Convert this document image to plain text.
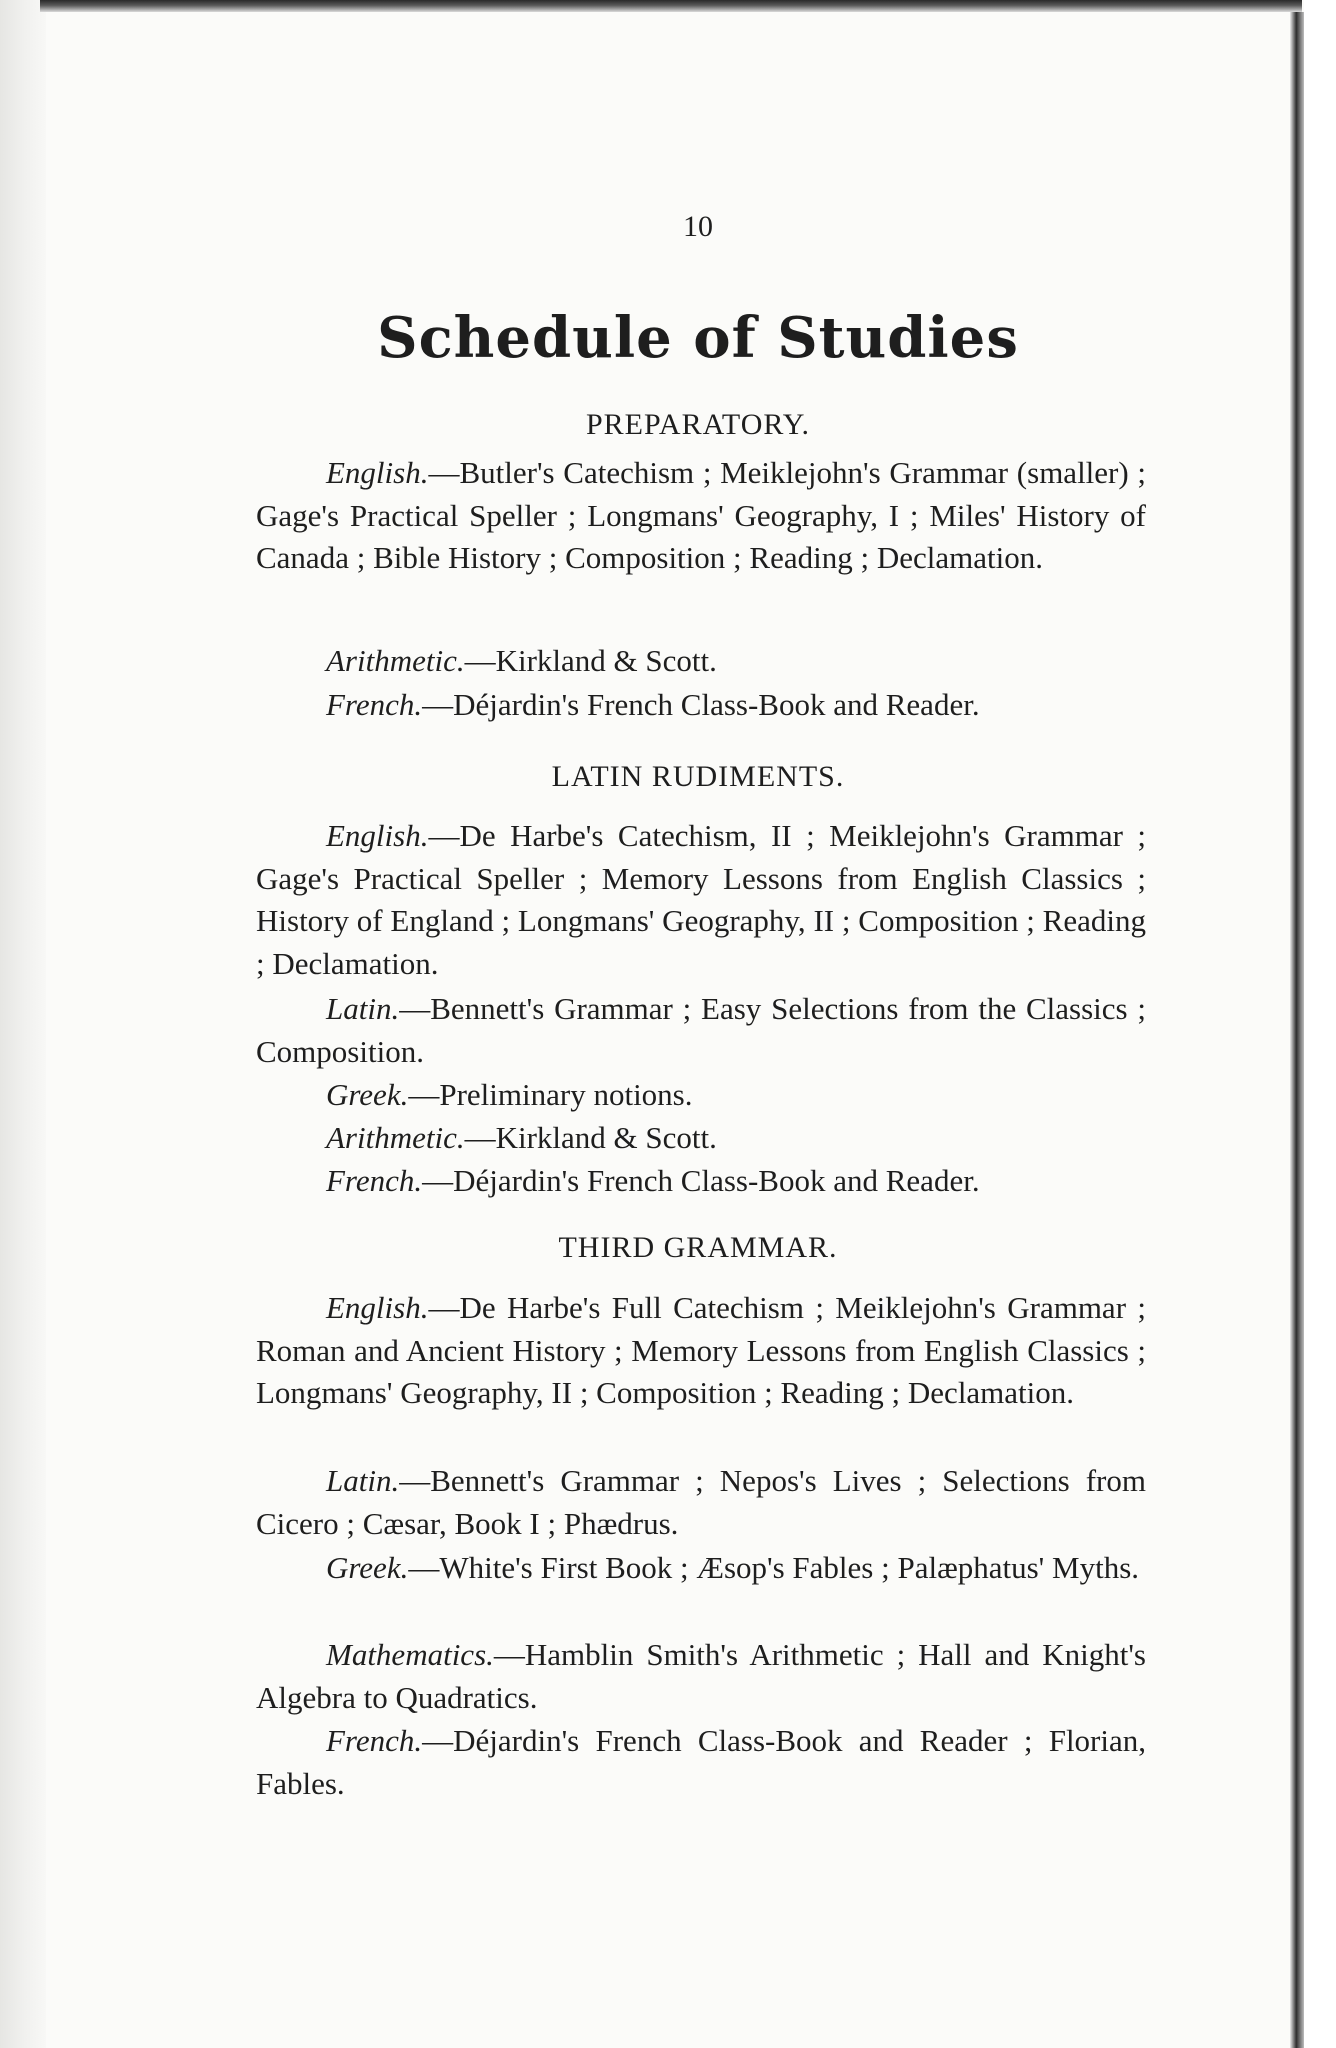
10
Schedule of Studies
PREPARATORY.

English.—Butler's Catechism ; Meiklejohn's Grammar (smaller) ; Gage's Practical Speller ; Longmans' Geography, I ; Miles' History of Canada ; Bible History ; Composition ; Reading ; Declamation.

Arithmetic.—Kirkland & Scott.

French.—Déjardin's French Class-Book and Reader.

LATIN RUDIMENTS.

English.—De Harbe's Catechism, II ; Meiklejohn's Grammar ; Gage's Practical Speller ; Memory Lessons from English Classics ; History of England ; Longmans' Geography, II ; Composition ; Reading ; Declamation.

Latin.—Bennett's Grammar ; Easy Selections from the Classics ; Composition.

Greek.—Preliminary notions.

Arithmetic.—Kirkland & Scott.

French.—Déjardin's French Class-Book and Reader.

THIRD GRAMMAR.

English.—De Harbe's Full Catechism ; Meiklejohn's Grammar ; Roman and Ancient History ; Memory Lessons from English Classics ; Longmans' Geography, II ; Composition ; Reading ; Declamation.

Latin.—Bennett's Grammar ; Nepos's Lives ; Selections from Cicero ; Cæsar, Book I ; Phædrus.

Greek.—White's First Book ; Æsop's Fables ; Palæphatus' Myths.

Mathematics.—Hamblin Smith's Arithmetic ; Hall and Knight's Algebra to Quadratics.

French.—Déjardin's French Class-Book and Reader ; Florian, Fables.
